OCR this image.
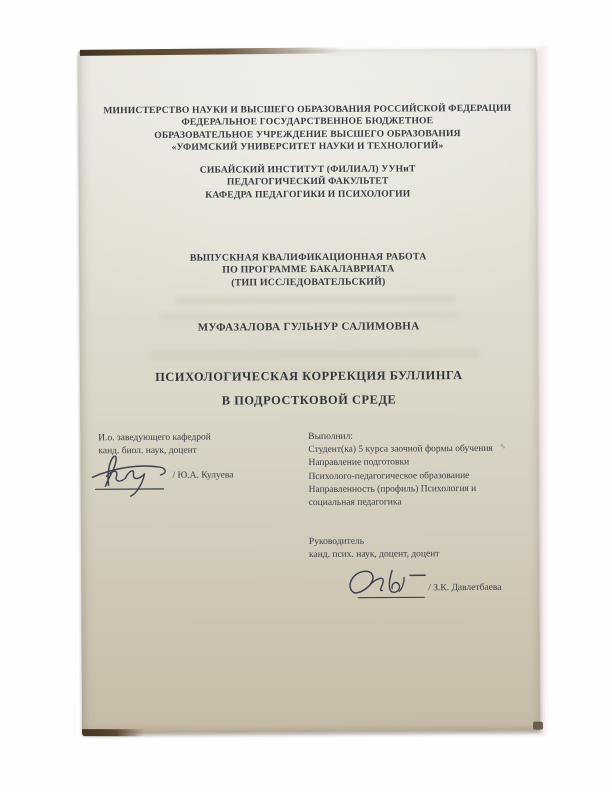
МИНИСТЕРСТВО НАУКИ И ВЫСШЕГО ОБРАЗОВАНИЯ РОССИЙСКОЙ ФЕДЕРАЦИИ
ФЕДЕРАЛЬНОЕ ГОСУДАРСТВЕННОЕ БЮДЖЕТНОЕ
ОБРАЗОВАТЕЛЬНОЕ УЧРЕЖДЕНИЕ ВЫСШЕГО ОБРАЗОВАНИЯ
«УФИМСКИЙ УНИВЕРСИТЕТ НАУКИ И ТЕХНОЛОГИЙ»
СИБАЙСКИЙ ИНСТИТУТ (ФИЛИАЛ) УУНиТ
ПЕДАГОГИЧЕСКИЙ ФАКУЛЬТЕТ
КАФЕДРА ПЕДАГОГИКИ И ПСИХОЛОГИИ
ВЫПУСКНАЯ КВАЛИФИКАЦИОННАЯ РАБОТА
ПО ПРОГРАММЕ БАКАЛАВРИАТА
(ТИП ИССЛЕДОВАТЕЛЬСКИЙ)
МУФАЗАЛОВА ГУЛЬНУР САЛИМОВНА
ПСИХОЛОГИЧЕСКАЯ КОРРЕКЦИЯ БУЛЛИНГА
В ПОДРОСТКОВОЙ СРЕДЕ
И.о. заведующего кафедрой
канд. биол. наук, доцент
/ Ю.А. Кулуева
Выполнил:
Студент(ка) 5 курса заочной формы обучения
Направление подготовки
Психолого-педагогическое образование
Направленность (профиль) Психология и
социальная педагогика
Руководитель
канд. псих. наук, доцент, доцент
/ З.К. Давлетбаева
